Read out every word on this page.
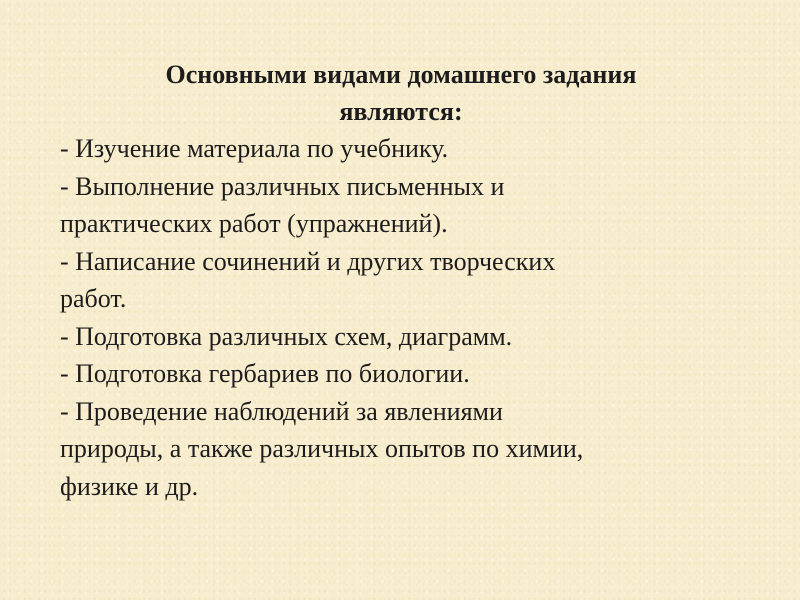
Основными видами домашнего задания
являются:
- Изучение материала по учебнику.
- Выполнение различных письменных и
практических работ (упражнений).
- Написание сочинений и других творческих
работ.
- Подготовка различных схем, диаграмм.
- Подготовка гербариев по биологии.
- Проведение наблюдений за явлениями
природы, а также различных опытов по химии,
физике и др.
